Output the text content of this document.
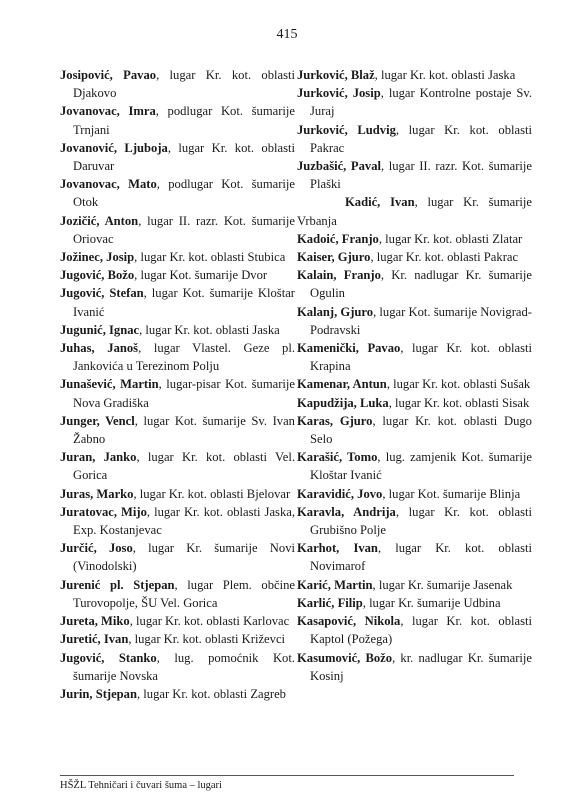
415

Josipović, Pavao, lugar Kr. kot. oblasti Djakovo

Jovanovac, Imra, podlugar Kot. šumarije Trnjani

Jovanović, Ljuboja, lugar Kr. kot. oblasti Daruvar

Jovanovac, Mato, podlugar Kot. šumarije Otok

Jozičić, Anton, lugar II. razr. Kot. šumarije Oriovac

Jožinec, Josip, lugar Kr. kot. oblasti Stubica

Jugović, Božo, lugar Kot. šumarije Dvor

Jugović, Stefan, lugar Kot. šumarije Kloštar Ivanić

Jugunić, Ignac, lugar Kr. kot. oblasti Jaska

Juhas, Janoš, lugar Vlastel. Geze pl. Jankovića u Terezinom Polju

Junašević, Martin, lugar-pisar Kot. šumarije Nova Gradiška

Junger, Vencl, lugar Kot. šumarije Sv. Ivan Žabno

Juran, Janko, lugar Kr. kot. oblasti Vel. Gorica

Juras, Marko, lugar Kr. kot. oblasti Bjelovar

Juratovac, Mijo, lugar Kr. kot. oblasti Jaska, Exp. Kostanjevac

Jurčić, Joso, lugar Kr. šumarije Novi (Vinodolski)

Jurenić pl. Stjepan, lugar Plem. občine Turovopolje, ŠU Vel. Gorica

Jureta, Miko, lugar Kr. kot. oblasti Karlovac

Juretić, Ivan, lugar Kr. kot. oblasti Križevci

Jugović, Stanko, lug. pomoćnik Kot. šumarije Novska

Jurin, Stjepan, lugar Kr. kot. oblasti Zagreb

Jurković, Blaž, lugar Kr. kot. oblasti Jaska

Jurković, Josip, lugar Kontrolne postaje Sv. Juraj

Jurković, Ludvig, lugar Kr. kot. oblasti Pakrac

Juzbašić, Paval, lugar II. razr. Kot. šumarije Plaški

Kadić, Ivan, lugar Kr. šumarije Vrbanja

Kadoić, Franjo, lugar Kr. kot. oblasti Zlatar

Kaiser, Gjuro, lugar Kr. kot. oblasti Pakrac

Kalain, Franjo, Kr. nadlugar Kr. šumarije Ogulin

Kalanj, Gjuro, lugar Kot. šumarije Novigrad-Podravski

Kamenički, Pavao, lugar Kr. kot. oblasti Krapina

Kamenar, Antun, lugar Kr. kot. oblasti Sušak

Kapudžija, Luka, lugar Kr. kot. oblasti Sisak

Karas, Gjuro, lugar Kr. kot. oblasti Dugo Selo

Karašić, Tomo, lug. zamjenik Kot. šumarije Kloštar Ivanić

Karavidić, Jovo, lugar Kot. šumarije Blinja

Karavla, Andrija, lugar Kr. kot. oblasti Grubišno Polje

Karhot, Ivan, lugar Kr. kot. oblasti Novimarof

Karić, Martin, lugar Kr. šumarije Jasenak

Karlić, Filip, lugar Kr. šumarije Udbina

Kasapović, Nikola, lugar Kr. kot. oblasti Kaptol (Požega)

Kasumović, Božo, kr. nadlugar Kr. šumarije Kosinj

HŠŽL Tehničari i čuvari šuma – lugari
